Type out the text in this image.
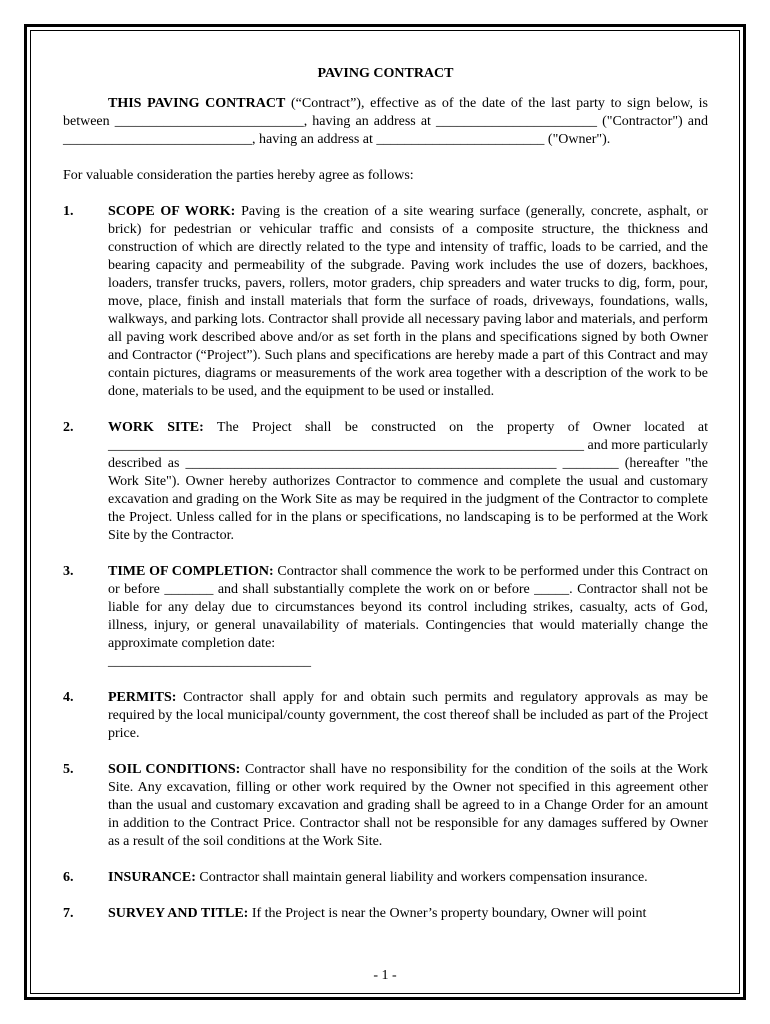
PAVING CONTRACT

THIS PAVING CONTRACT (“Contract”), effective as of the date of the last party to sign below, is between ___________________________, having an address at _______________________ ("Contractor") and ___________________________, having an address at ________________________ ("Owner").

For valuable consideration the parties hereby agree as follows:

1. SCOPE OF WORK: Paving is the creation of a site wearing surface (generally, concrete, asphalt, or brick) for pedestrian or vehicular traffic and consists of a composite structure, the thickness and construction of which are directly related to the type and intensity of traffic, loads to be carried, and the bearing capacity and permeability of the subgrade. Paving work includes the use of dozers, backhoes, loaders, transfer trucks, pavers, rollers, motor graders, chip spreaders and water trucks to dig, form, pour, move, place, finish and install materials that form the surface of roads, driveways, foundations, walls, walkways, and parking lots. Contractor shall provide all necessary paving labor and materials, and perform all paving work described above and/or as set forth in the plans and specifications signed by both Owner and Contractor (“Project”). Such plans and specifications are hereby made a part of this Contract and may contain pictures, diagrams or measurements of the work area together with a description of the work to be done, materials to be used, and the equipment to be used or installed.
2. WORK SITE: The Project shall be constructed on the property of Owner located at ____________________________________________________________________ and more particularly described as _____________________________________________________ ________ (hereafter "the Work Site"). Owner hereby authorizes Contractor to commence and complete the usual and customary excavation and grading on the Work Site as may be required in the judgment of the Contractor to complete the Project. Unless called for in the plans or specifications, no landscaping is to be performed at the Work Site by the Contractor.
3. TIME OF COMPLETION: Contractor shall commence the work to be performed under this Contract on or before _______ and shall substantially complete the work on or before _____. Contractor shall not be liable for any delay due to circumstances beyond its control including strikes, casualty, acts of God, illness, injury, or general unavailability of materials. Contingencies that would materially change the approximate completion date:
_____________________________
4. PERMITS: Contractor shall apply for and obtain such permits and regulatory approvals as may be required by the local municipal/county government, the cost thereof shall be included as part of the Project price.
5. SOIL CONDITIONS: Contractor shall have no responsibility for the condition of the soils at the Work Site. Any excavation, filling or other work required by the Owner not specified in this agreement other than the usual and customary excavation and grading shall be agreed to in a Change Order for an amount in addition to the Contract Price. Contractor shall not be responsible for any damages suffered by Owner as a result of the soil conditions at the Work Site.
6. INSURANCE: Contractor shall maintain general liability and workers compensation insurance.
7. SURVEY AND TITLE: If the Project is near the Owner’s property boundary, Owner will point
- 1 -
